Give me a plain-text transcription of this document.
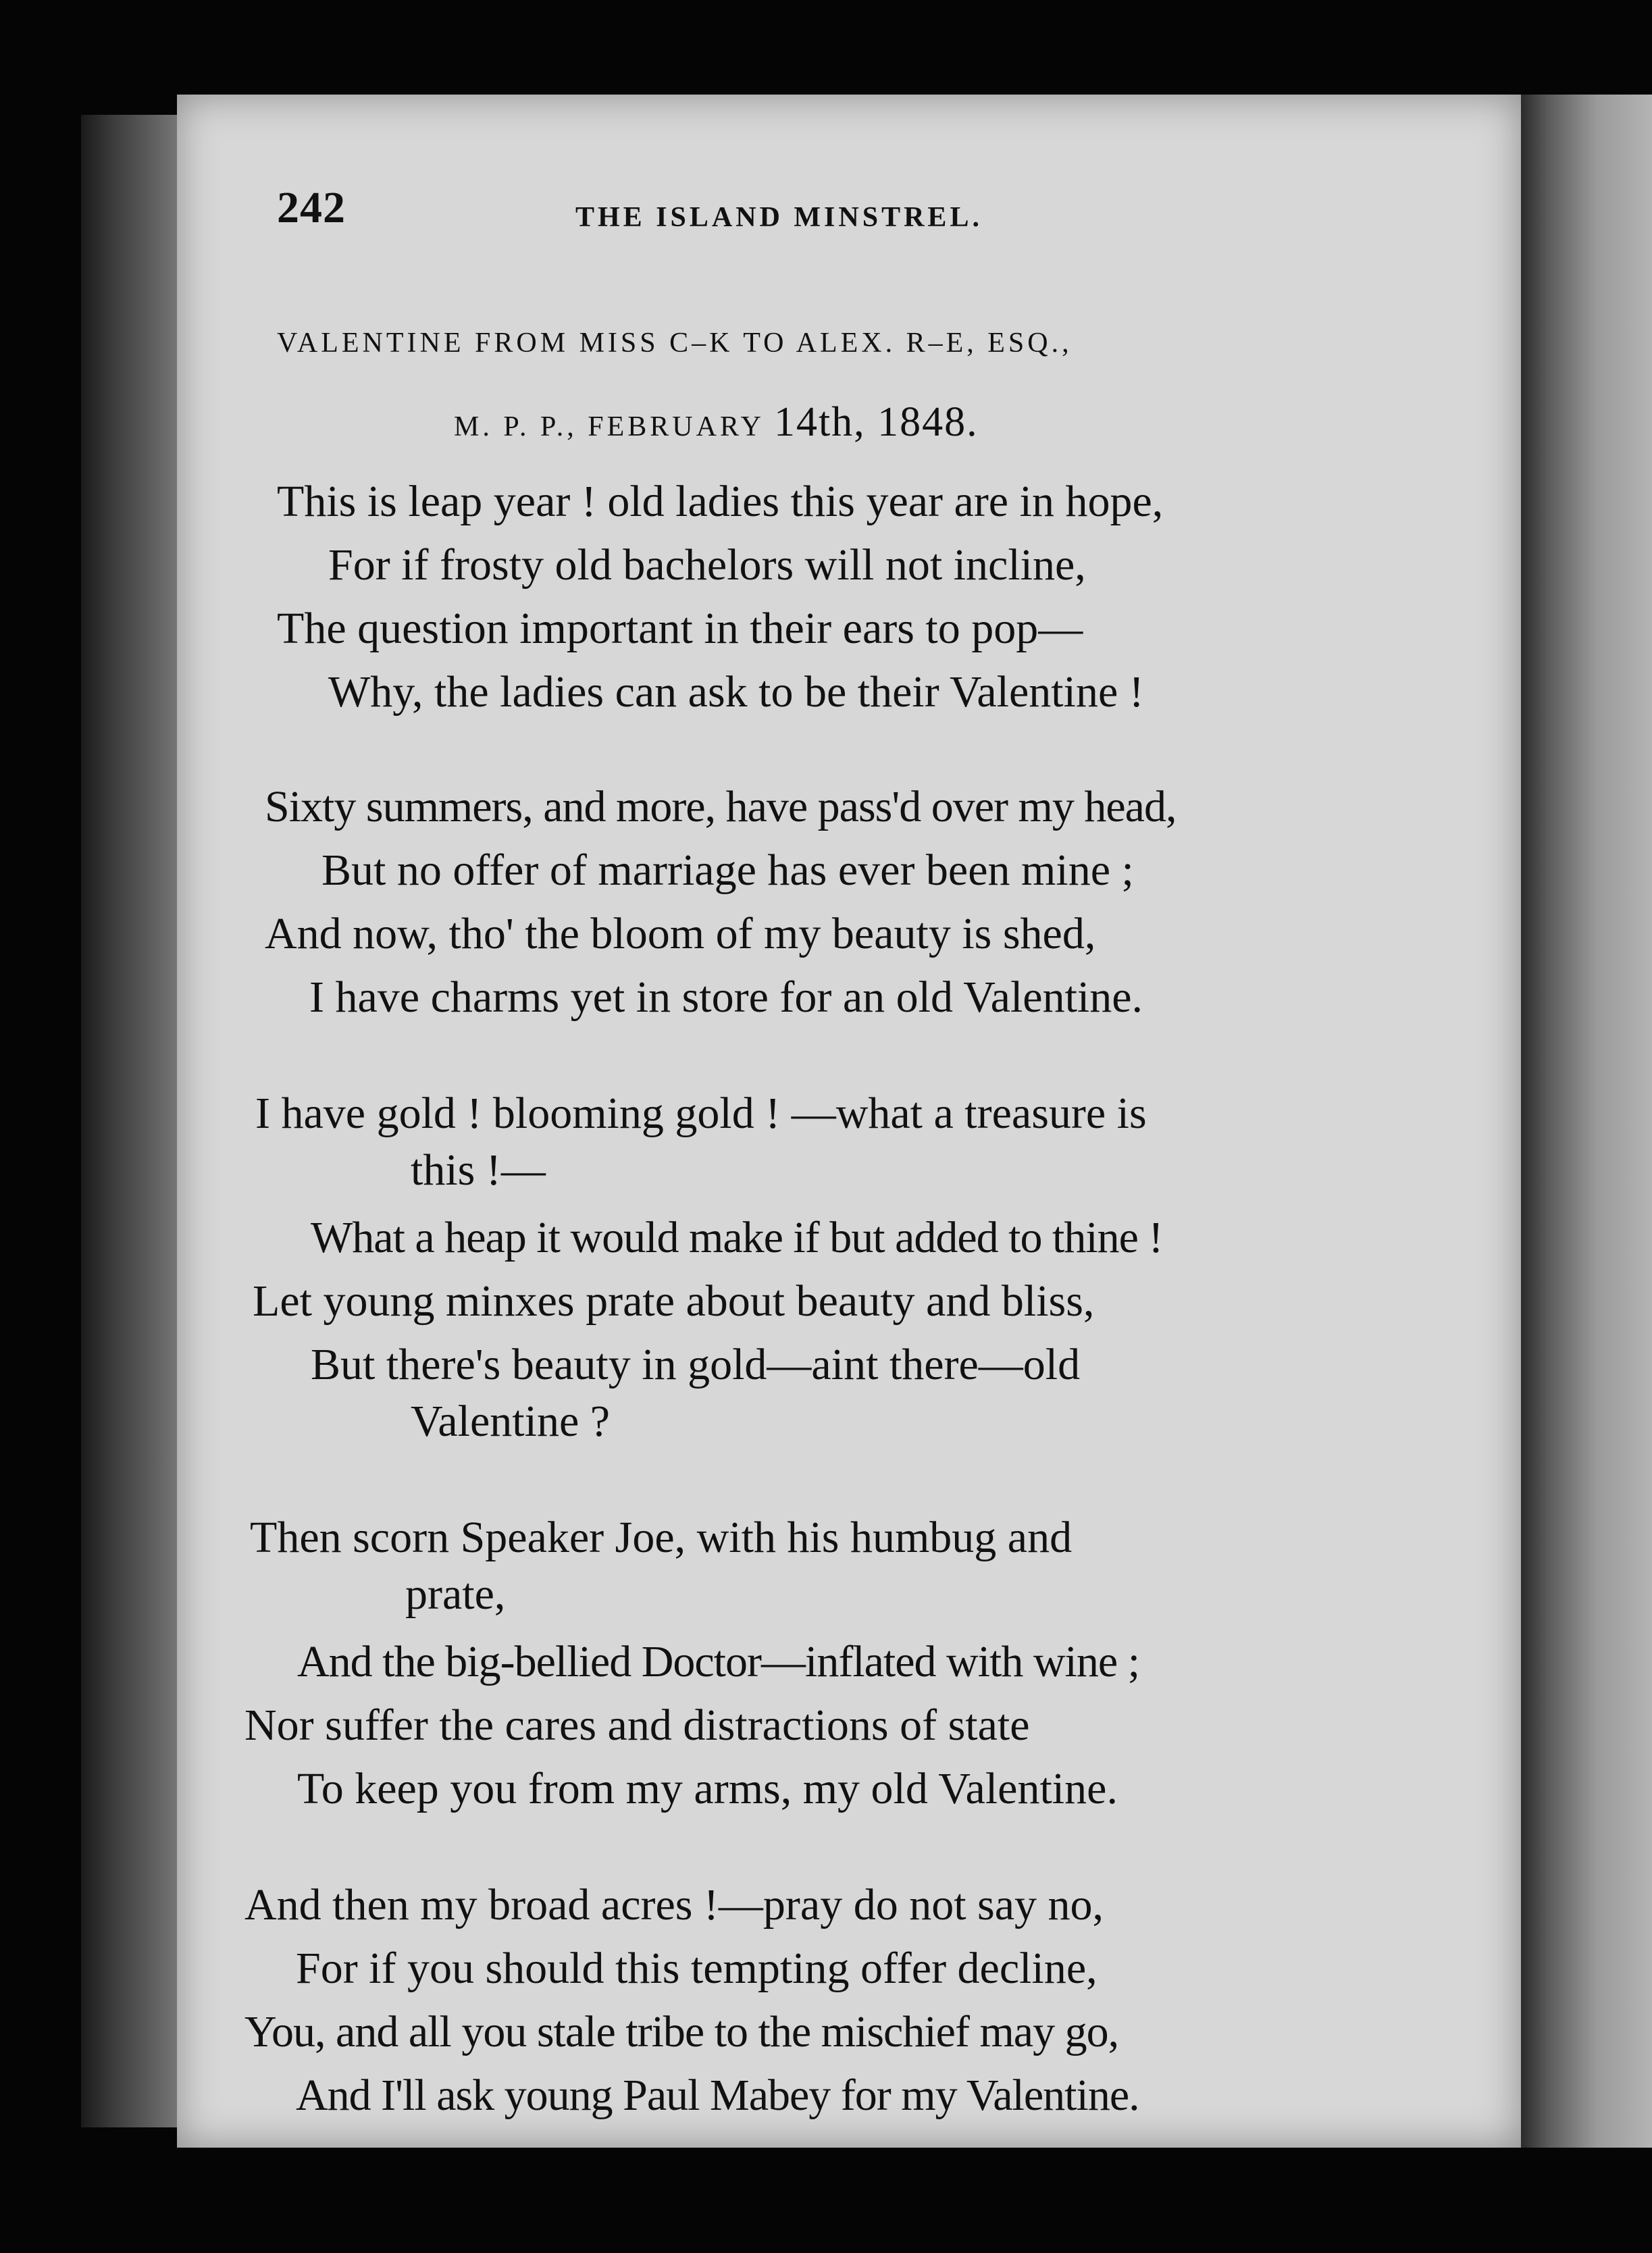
242	THE ISLAND MINSTREL.
VALENTINE FROM MISS C–K TO ALEX. R–E, ESQ.,
M. P. P., FEBRUARY 14th, 1848.
This is leap year ! old ladies this year are in hope,
For if frosty old bachelors will not incline,
The question important in their ears to pop—
Why, the ladies can ask to be their Valentine !
Sixty summers, and more, have pass'd over my head,
But no offer of marriage has ever been mine ;
And now, tho' the bloom of my beauty is shed,
I have charms yet in store for an old Valentine.
I have gold ! blooming gold ! —what a treasure is
this !—
What a heap it would make if but added to thine !
Let young minxes prate about beauty and bliss,
But there's beauty in gold—aint there—old
Valentine ?
Then scorn Speaker Joe, with his humbug and
prate,
And the big-bellied Doctor—inflated with wine ;
Nor suffer the cares and distractions of state
To keep you from my arms, my old Valentine.
And then my broad acres !—pray do not say no,
For if you should this tempting offer decline,
You, and all you stale tribe to the mischief may go,
And I'll ask young Paul Mabey for my Valentine.
